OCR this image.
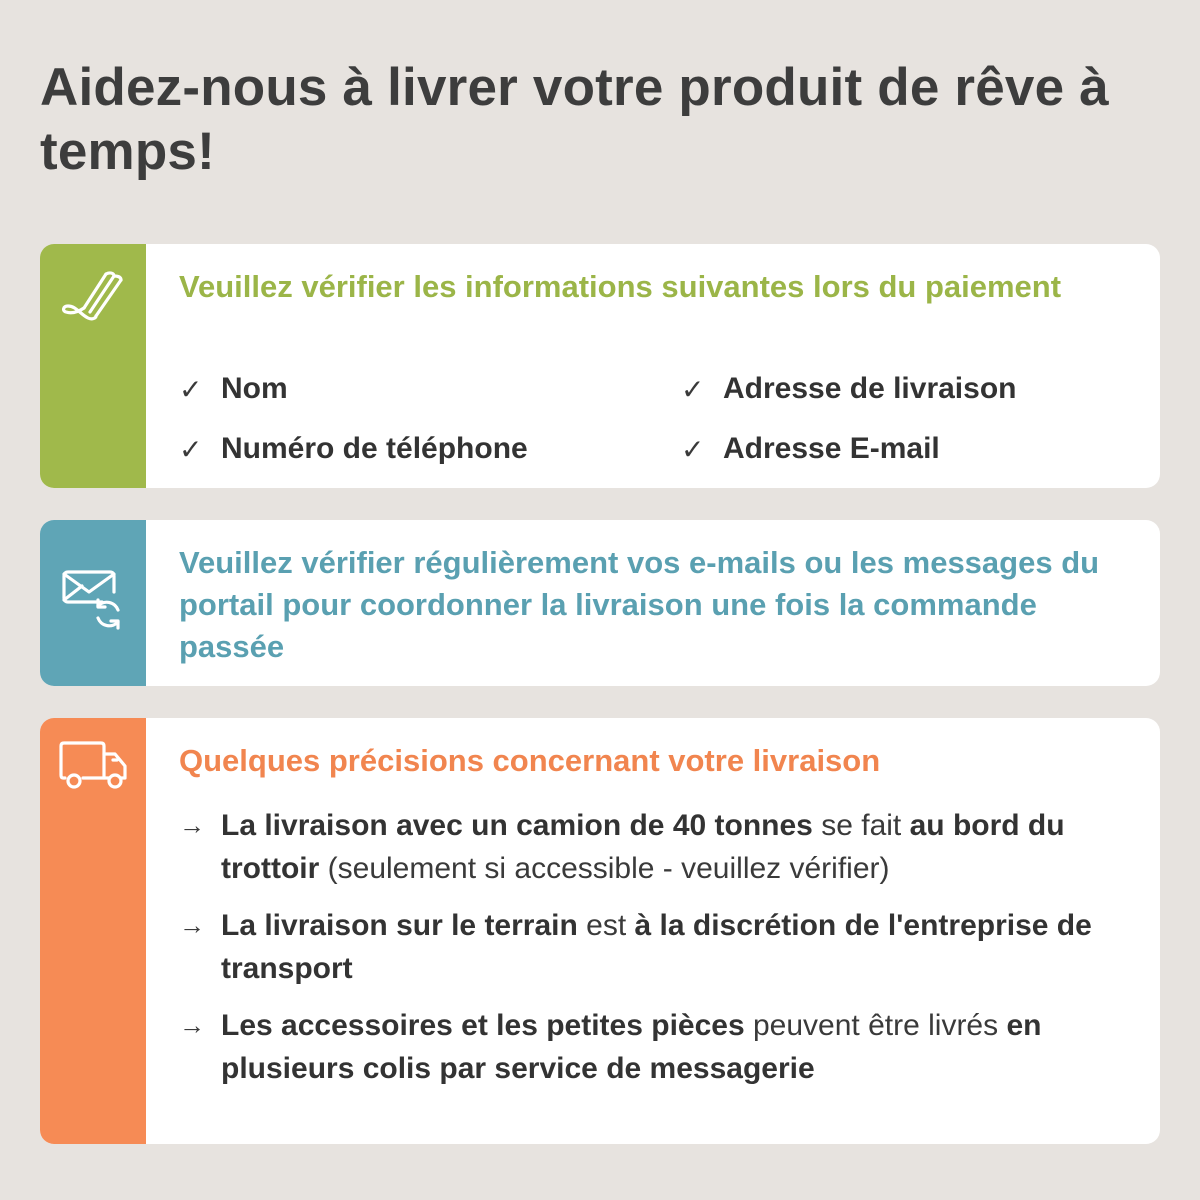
Aidez-nous à livrer votre produit de rêve à temps!

Veuillez vérifier les informations suivantes lors du paiement

✓ Nom	✓ Adresse de livraison
✓ Numéro de téléphone	✓ Adresse E-mail

Veuillez vérifier régulièrement vos e-mails ou les messages du portail pour coordonner la livraison une fois la commande passée

Quelques précisions concernant votre livraison

→ La livraison avec un camion de 40 tonnes se fait au bord du trottoir (seulement si accessible - veuillez vérifier)
→ La livraison sur le terrain est à la discrétion de l'entreprise de transport
→ Les accessoires et les petites pièces peuvent être livrés en plusieurs colis par service de messagerie
